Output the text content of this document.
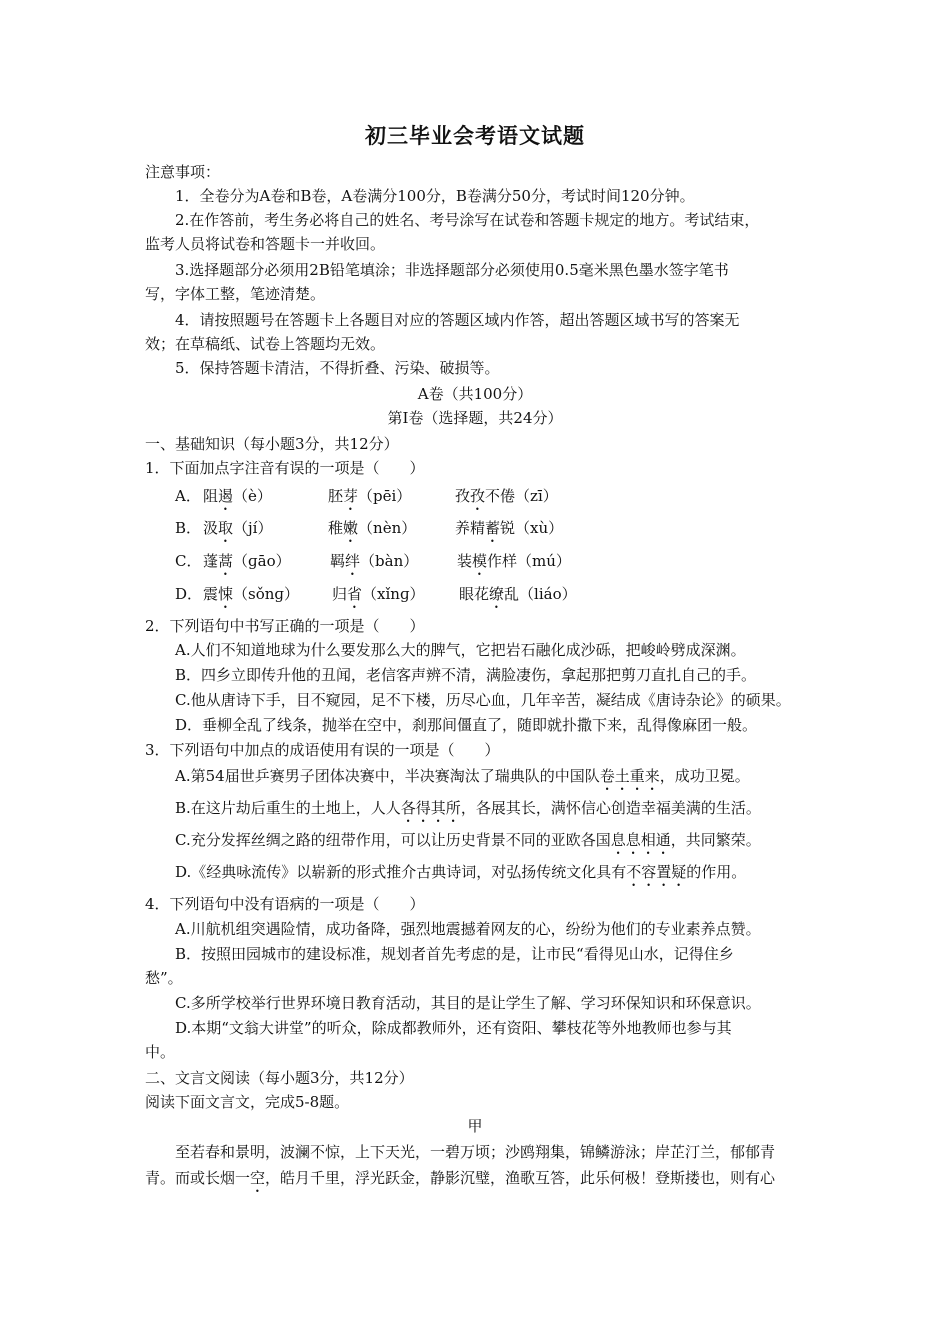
初三毕业会考语文试题
注意事项：
1．全卷分为A卷和B卷，A卷满分100分，B卷满分50分，考试时间120分钟。
2.在作答前，考生务必将自己的姓名、考号涂写在试卷和答题卡规定的地方。考试结束，
监考人员将试卷和答题卡一并收回。
3.选择题部分必须用2B铅笔填涂；非选择题部分必须使用0.5毫米黑色墨水签字笔书
写，字体工整，笔迹清楚。
4．请按照题号在答题卡上各题目对应的答题区域内作答，超出答题区域书写的答案无
效；在草稿纸、试卷上答题均无效。
5．保持答题卡清洁，不得折叠、污染、破损等。
A卷（共100分）
第Ⅰ卷（选择题，共24分）
一、基础知识（每小题3分，共12分）
1．下面加点字注音有误的一项是（　　）
A． 阻遏（è）	胚芽（pēi）	孜孜不倦（zī）
B． 汲取（jí）	稚嫩（nèn）	养精蓄锐（xù）
C． 蓬蒿（ɡāo）	羁绊（bàn）	装模作样（mú）
D． 震悚（sǒnɡ） 归省（xǐnɡ） 眼花缭乱（liáo）
2．下列语句中书写正确的一项是（　　）
A.人们不知道地球为什么要发那么大的脾气，它把岩石融化成沙砾，把峻岭劈成深渊。
B．四乡立即传升他的丑闻，老信客声辨不清，满脸凄伤，拿起那把剪刀直扎自己的手。
C.他从唐诗下手，目不窥园，足不下楼，历尽心血，几年辛苦，凝结成《唐诗杂论》的硕果。
D．垂柳全乱了线条，抛举在空中，刹那间僵直了，随即就扑撒下来，乱得像麻团一般。
3．下列语句中加点的成语使用有误的一项是（　　）
A.第54届世乒赛男子团体决赛中，半决赛淘汰了瑞典队的中国队卷土重来，成功卫冕。
B.在这片劫后重生的土地上，人人各得其所，各展其长，满怀信心创造幸福美满的生活。
C.充分发挥丝绸之路的纽带作用，可以让历史背景不同的亚欧各国息息相通，共同繁荣。
D.《经典咏流传》以崭新的形式推介古典诗词，对弘扬传统文化具有不容置疑的作用。
4．下列语句中没有语病的一项是（　　）
A.川航机组突遇险情，成功备降，强烈地震撼着网友的心，纷纷为他们的专业素养点赞。
B．按照田园城市的建设标准，规划者首先考虑的是，让市民“看得见山水，记得住乡
愁”。
C.多所学校举行世界环境日教育活动，其目的是让学生了解、学习环保知识和环保意识。
D.本期“文翁大讲堂”的听众，除成都教师外，还有资阳、攀枝花等外地教师也参与其
中。
二、文言文阅读（每小题3分，共12分）
阅读下面文言文，完成5-8题。
甲
至若春和景明，波澜不惊，上下天光，一碧万顷；沙鸥翔集，锦鳞游泳；岸芷汀兰，郁郁青
青。而或长烟一空，皓月千里，浮光跃金，静影沉璧，渔歌互答，此乐何极！登斯搂也，则有心
